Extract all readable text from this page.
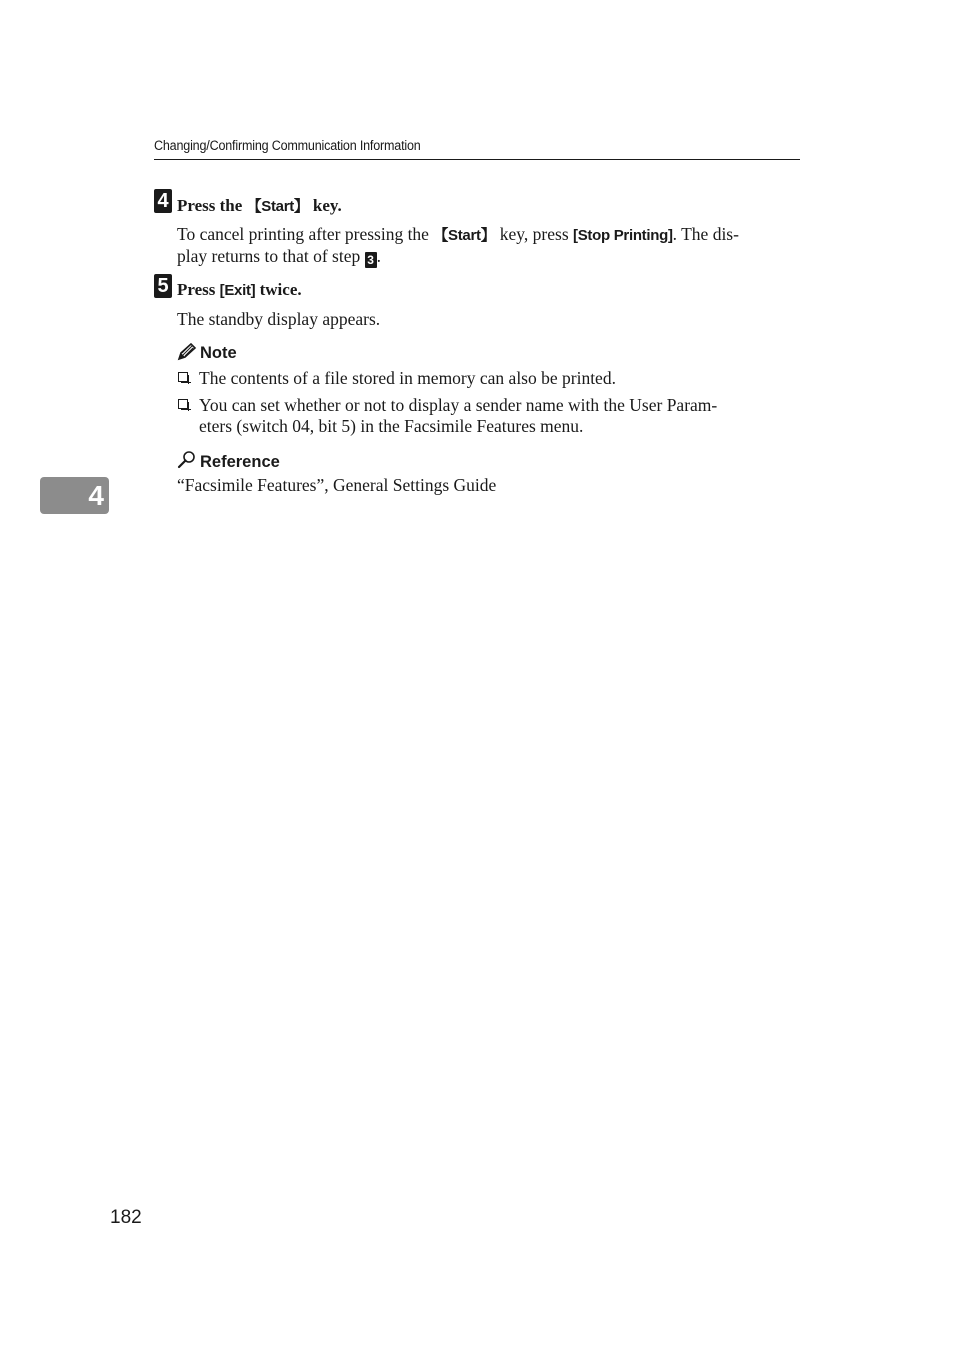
Changing/Confirming Communication Information
4 Press the 【Start】 key.
To cancel printing after pressing the 【Start】 key, press [Stop Printing]. The dis-
play returns to that of step 3 .
5 Press [Exit] twice.
The standby display appears.
Note
The contents of a file stored in memory can also be printed.
You can set whether or not to display a sender name with the User Param-
eters (switch 04, bit 5) in the Facsimile Features menu.
Reference
“Facsimile Features”, General Settings Guide
4
182
